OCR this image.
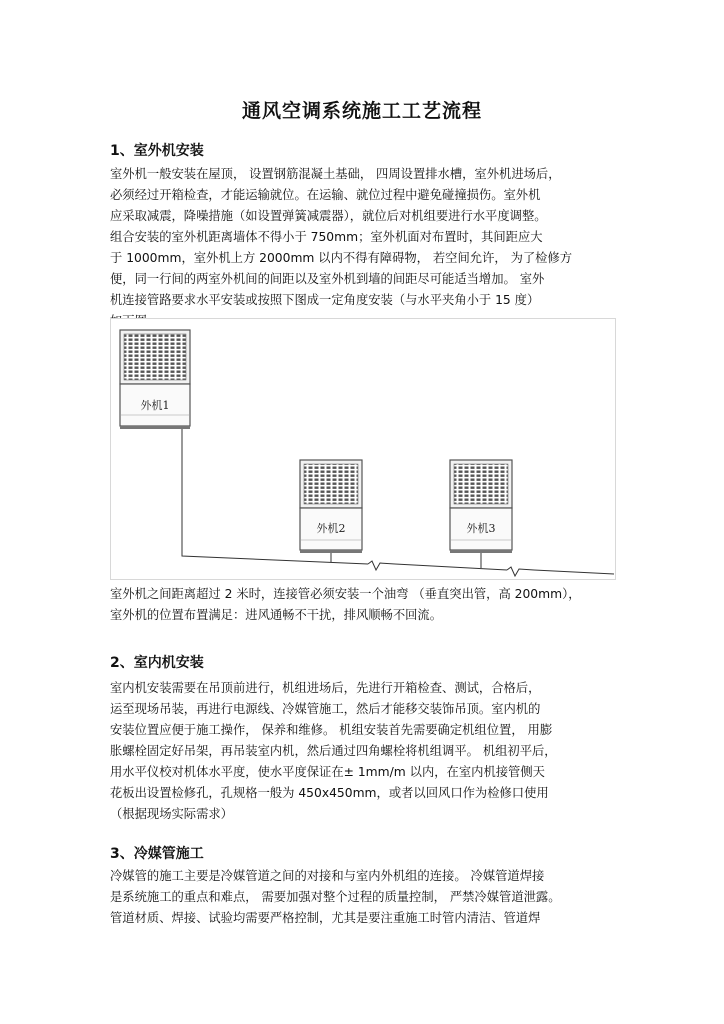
通风空调系统施工工艺流程
1、室外机安装
室外机一般安装在屋顶， 设置钢筋混凝土基础， 四周设置排水槽，室外机进场后，
必须经过开箱检查，才能运输就位。在运输、就位过程中避免碰撞损伤。室外机
应采取减震，降噪措施（如设置弹簧减震器），就位后对机组要进行水平度调整。
组合安装的室外机距离墙体不得小于 750mm；室外机面对布置时，其间距应大
于 1000mm，室外机上方 2000mm 以内不得有障碍物， 若空间允许， 为了检修方
便，同一行间的两室外机间的间距以及室外机到墙的间距尽可能适当增加。 室外
机连接管路要求水平安装或按照下图成一定角度安装（与水平夹角小于 15 度）
外机1
外机2	外机3
室外机之间距离超过 2 米时，连接管必须安装一个油弯 （垂直突出管，高 200mm），
室外机的位置布置满足：进风通畅不干扰，排风顺畅不回流。
2、室内机安装
室内机安装需要在吊顶前进行，机组进场后，先进行开箱检查、测试，合格后，
运至现场吊装，再进行电源线、冷媒管施工，然后才能移交装饰吊顶。室内机的
安装位置应便于施工操作， 保养和维修。 机组安装首先需要确定机组位置， 用膨
胀螺栓固定好吊架，再吊装室内机，然后通过四角螺栓将机组调平。 机组初平后，
用水平仪校对机体水平度，使水平度保证在± 1mm/m 以内，在室内机接管侧天
花板出设置检修孔，孔规格一般为 450x450mm，或者以回风口作为检修口使用
（根据现场实际需求）
3、冷媒管施工
冷媒管的施工主要是冷媒管道之间的对接和与室内外机组的连接。 冷媒管道焊接
是系统施工的重点和难点， 需要加强对整个过程的质量控制， 严禁冷媒管道泄露。
管道材质、焊接、试验均需要严格控制，尤其是要注重施工时管内清洁、管道焊
